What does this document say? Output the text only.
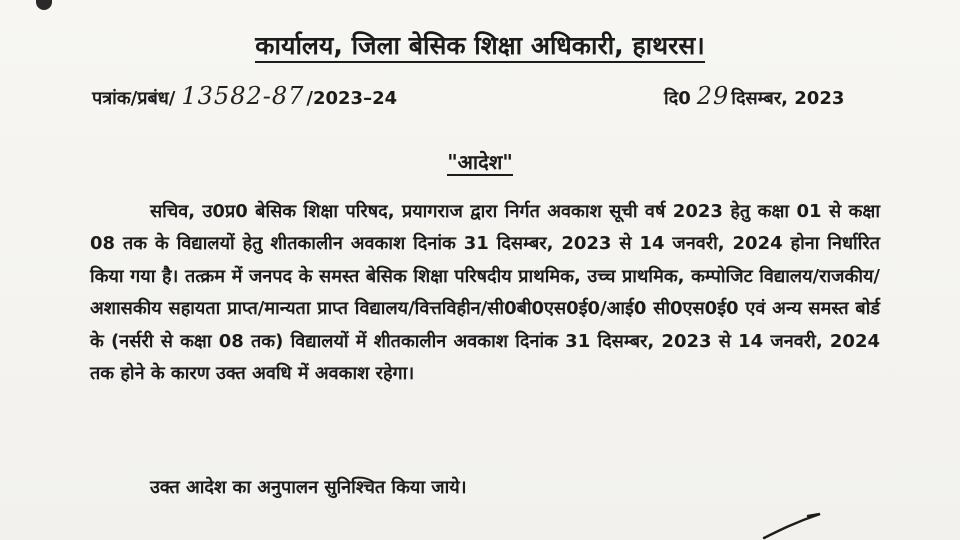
कार्यालय, जिला बेसिक शिक्षा अधिकारी, हाथरस।
पत्रांक/प्रबंध/ 13582-87 /2023–24	दि0 29 दिसम्बर, 2023
"आदेश"

सचिव, उ0प्र0 बेसिक शिक्षा परिषद, प्रयागराज द्वारा निर्गत अवकाश सूची वर्ष 2023 हेतु कक्षा 01 से कक्षा 08 तक के विद्यालयों हेतु शीतकालीन अवकाश दिनांक 31 दिसम्बर, 2023 से 14 जनवरी, 2024 होना निर्धारित किया गया है। तत्क्रम में जनपद के समस्त बेसिक शिक्षा परिषदीय प्राथमिक, उच्च प्राथमिक, कम्पोजिट विद्यालय/राजकीय/ अशासकीय सहायता प्राप्त/मान्यता प्राप्त विद्यालय/वित्तविहीन/सी0बी0एस0ई0/आई0 सी0एस0ई0 एवं अन्य समस्त बोर्ड के (नर्सरी से कक्षा 08 तक) विद्यालयों में शीतकालीन अवकाश दिनांक 31 दिसम्बर, 2023 से 14 जनवरी, 2024 तक होने के कारण उक्त अवधि में अवकाश रहेगा।

उक्त आदेश का अनुपालन सुनिश्चित किया जाये।
